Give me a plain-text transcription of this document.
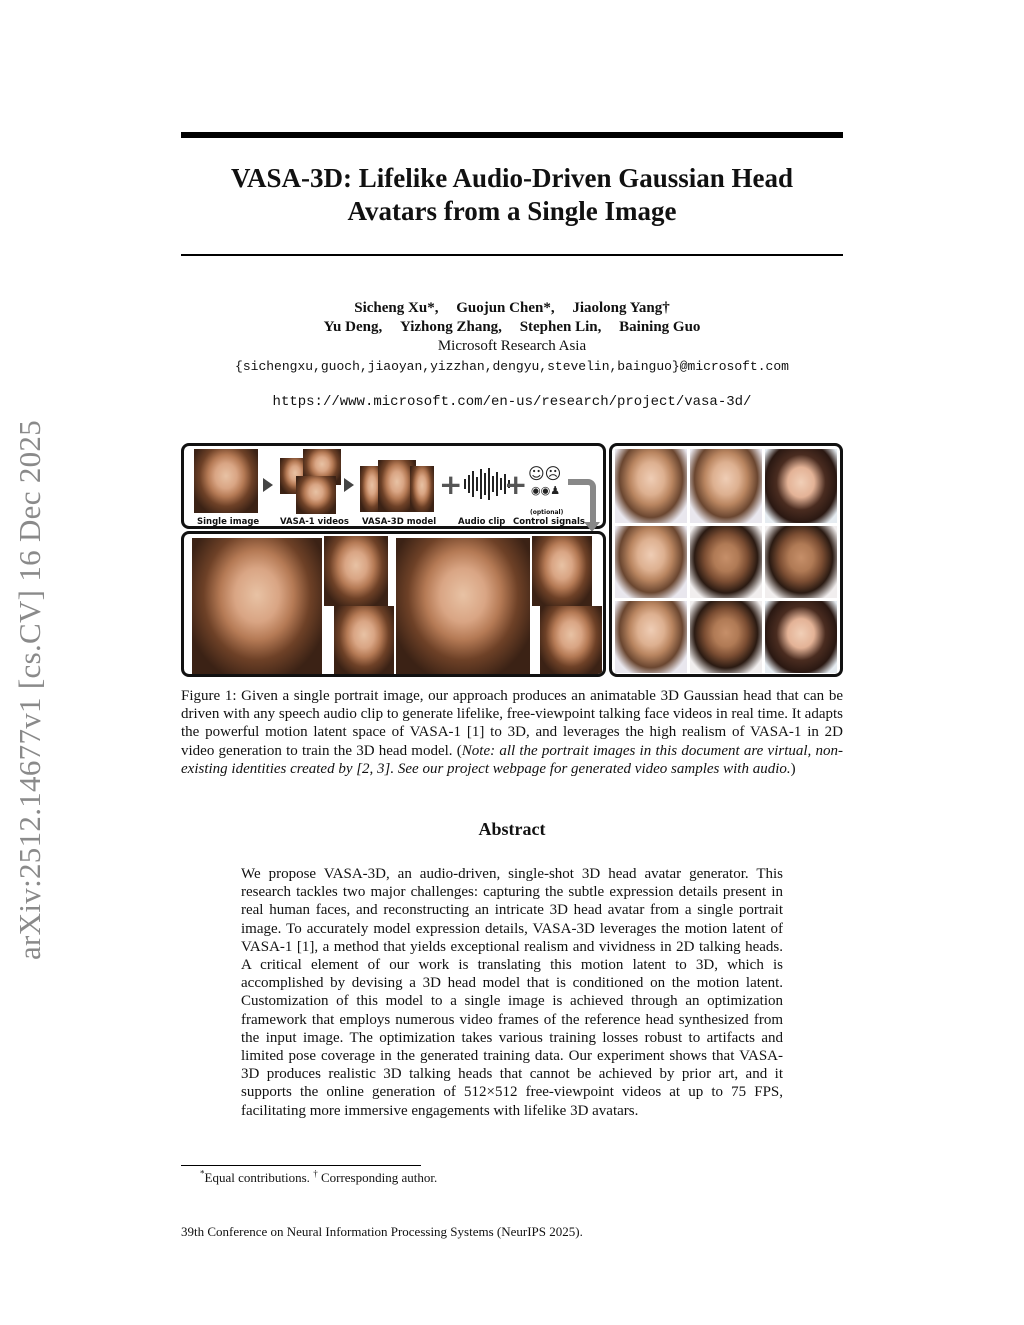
arXiv:2512.14677v1 [cs.CV] 16 Dec 2025
VASA-3D: Lifelike Audio-Driven Gaussian Head
Avatars from a Single Image
Sicheng Xu*, Guojun Chen*, Jiaolong Yang†
Yu Deng, Yizhong Zhang, Stephen Lin, Baining Guo
Microsoft Research Asia
{sichengxu,guoch,jiaoyan,yizzhan,dengyu,stevelin,bainguo}@microsoft.com
https://www.microsoft.com/en-us/research/project/vasa-3d/
+ + ☺☹
◉◉♟
Single image VASA-1 videos VASA-3D model	Audio clip
(optional)
Control signals
Figure 1: Given a single portrait image, our approach produces an animatable 3D Gaussian head that can be driven with any speech audio clip to generate lifelike, free-viewpoint talking face videos in real time. It adapts the powerful motion latent space of VASA-1 [1] to 3D, and leverages the high realism of VASA-1 in 2D video generation to train the 3D head model. (Note: all the portrait images in this document are virtual, non-existing identities created by [2, 3]. See our project webpage for generated video samples with audio.)
Abstract
We propose VASA-3D, an audio-driven, single-shot 3D head avatar generator. This research tackles two major challenges: capturing the subtle expression details present in real human faces, and reconstructing an intricate 3D head avatar from a single portrait image. To accurately model expression details, VASA-3D leverages the motion latent of VASA-1 [1], a method that yields exceptional realism and vividness in 2D talking heads. A critical element of our work is translating this motion latent to 3D, which is accomplished by devising a 3D head model that is conditioned on the motion latent. Customization of this model to a single image is achieved through an optimization framework that employs numerous video frames of the reference head synthesized from the input image. The optimization takes various training losses robust to artifacts and limited pose coverage in the generated training data. Our experiment shows that VASA-3D produces realistic 3D talking heads that cannot be achieved by prior art, and it supports the online generation of 512×512 free-viewpoint videos at up to 75 FPS, facilitating more immersive engagements with lifelike 3D avatars.
*Equal contributions. † Corresponding author.
39th Conference on Neural Information Processing Systems (NeurIPS 2025).
